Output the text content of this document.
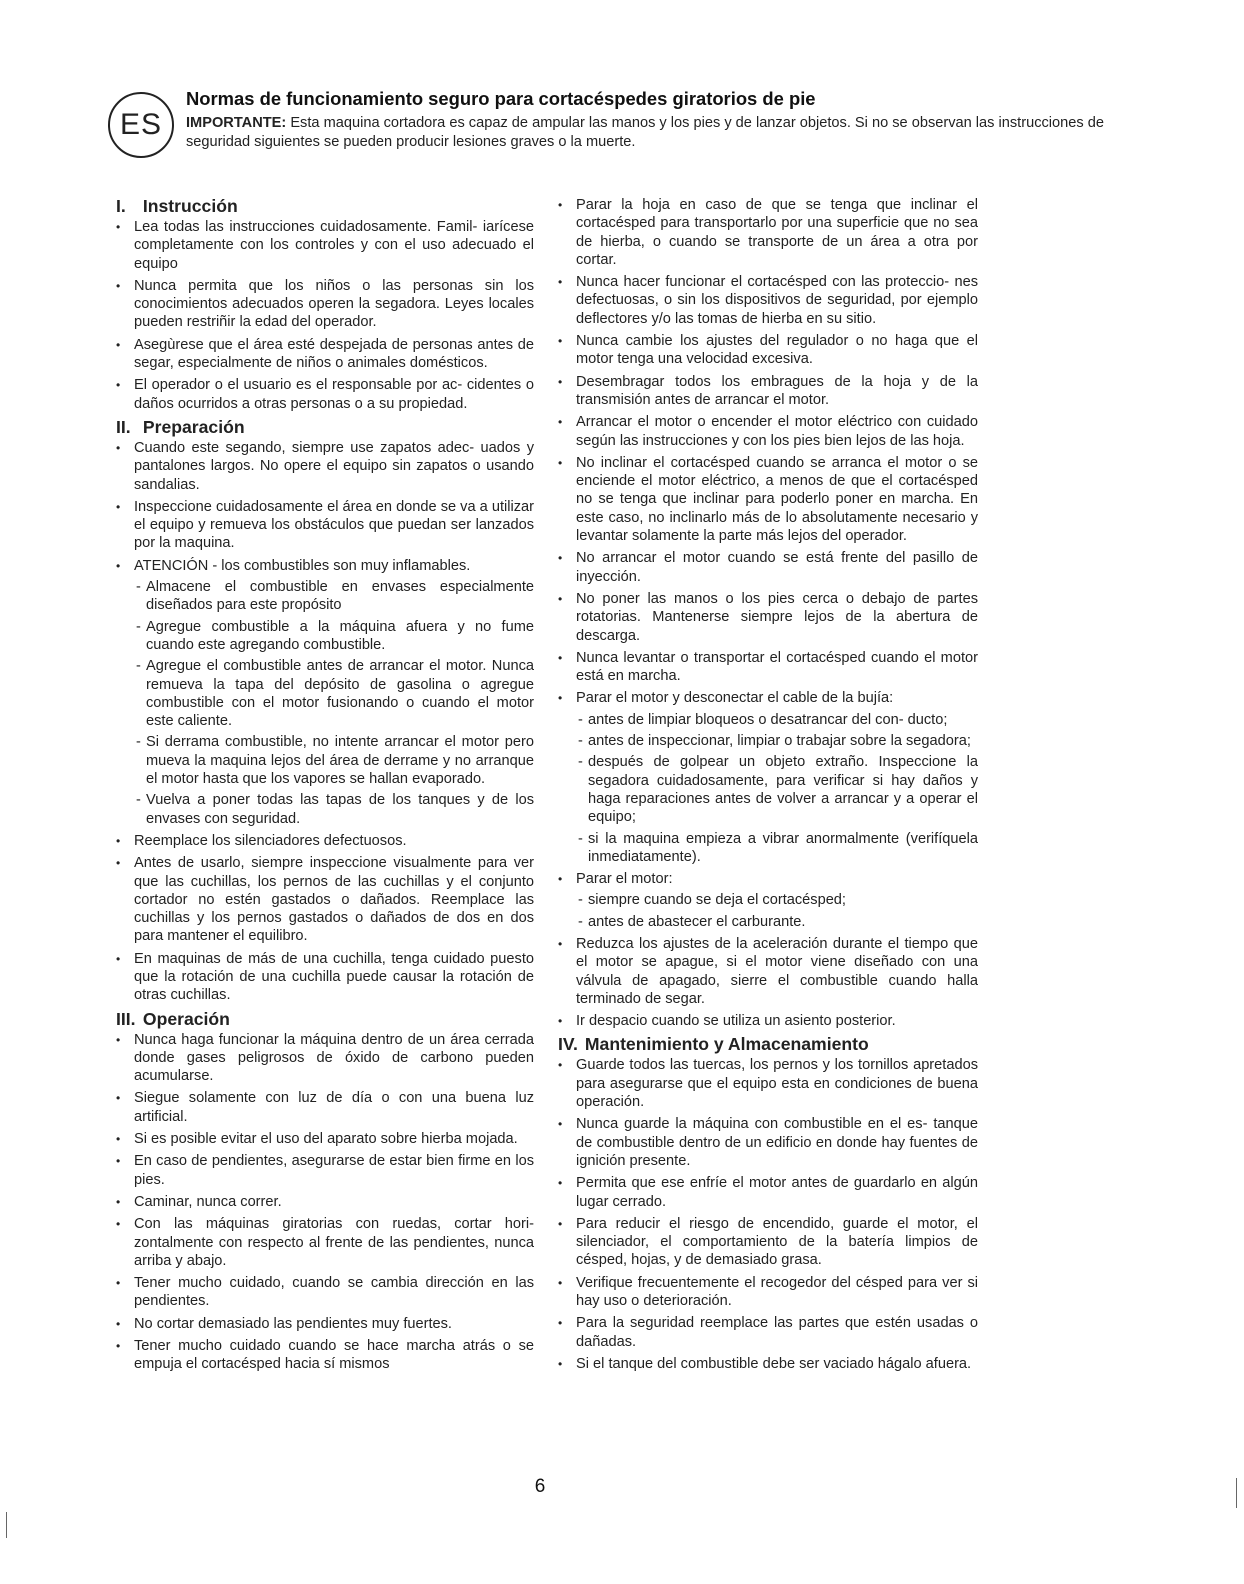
ES
Normas de funcionamiento seguro para cortacéspedes giratorios de pie
IMPORTANTE: Esta maquina cortadora es capaz de ampular las manos y los pies y de lanzar objetos. Si no se observan las instrucciones de seguridad siguientes se pueden producir lesiones graves o la muerte.
I. Instrucción
• Lea todas las instrucciones cuidadosamente. Famil- iarícese completamente con los controles y con el uso adecuado el equipo
• Nunca permita que los niños o las personas sin los conocimientos adecuados operen la segadora. Leyes locales pueden restriñir la edad del operador.
• Asegùrese que el área esté despejada de personas antes de segar, especialmente de niños o animales domésticos.
• El operador o el usuario es el responsable por ac- cidentes o daños ocurridos a otras personas o a su propiedad.
II. Preparación
• Cuando este segando, siempre use zapatos adec- uados y pantalones largos. No opere el equipo sin zapatos o usando sandalias.
• Inspeccione cuidadosamente el área en donde se va a utilizar el equipo y remueva los obstáculos que puedan ser lanzados por la maquina.
• ATENCIÓN - los combustibles son muy inflamables.
- Almacene el combustible en envases especialmente diseñados para este propósito
- Agregue combustible a la máquina afuera y no fume cuando este agregando combustible.
- Agregue el combustible antes de arrancar el motor. Nunca remueva la tapa del depósito de gasolina o agregue combustible con el motor fusionando o cuando el motor este caliente.
- Si derrama combustible, no intente arrancar el motor pero mueva la maquina lejos del área de derrame y no arranque el motor hasta que los vapores se hallan evaporado.
- Vuelva a poner todas las tapas de los tanques y de los envases con seguridad.
• Reemplace los silenciadores defectuosos.
• Antes de usarlo, siempre inspeccione visualmente para ver que las cuchillas, los pernos de las cuchillas y el conjunto cortador no estén gastados o dañados. Reemplace las cuchillas y los pernos gastados o dañados de dos en dos para mantener el equilibro.
• En maquinas de más de una cuchilla, tenga cuidado puesto que la rotación de una cuchilla puede causar la rotación de otras cuchillas.
III. Operación
• Nunca haga funcionar la máquina dentro de un área cerrada donde gases peligrosos de óxido de carbono pueden acumularse.
• Siegue solamente con luz de día o con una buena luz artificial.
• Si es posible evitar el uso del aparato sobre hierba mojada.
• En caso de pendientes, asegurarse de estar bien firme en los pies.
• Caminar, nunca correr.
• Con las máquinas giratorias con ruedas, cortar hori- zontalmente con respecto al frente de las pendientes, nunca arriba y abajo.
• Tener mucho cuidado, cuando se cambia dirección en las pendientes.
• No cortar demasiado las pendientes muy fuertes.
• Tener mucho cuidado cuando se hace marcha atrás o se empuja el cortacésped hacia sí mismos
• Parar la hoja en caso de que se tenga que inclinar el cortacésped para transportarlo por una superficie que no sea de hierba, o cuando se transporte de un área a otra por cortar.
• Nunca hacer funcionar el cortacésped con las proteccio- nes defectuosas, o sin los dispositivos de seguridad, por ejemplo deflectores y/o las tomas de hierba en su sitio.
• Nunca cambie los ajustes del regulador o no haga que el motor tenga una velocidad excesiva.
• Desembragar todos los embragues de la hoja y de la transmisión antes de arrancar el motor.
• Arrancar el motor o encender el motor eléctrico con cuidado según las instrucciones y con los pies bien lejos de las hoja.
• No inclinar el cortacésped cuando se arranca el motor o se enciende el motor eléctrico, a menos de que el cortacésped no se tenga que inclinar para poderlo poner en marcha. En este caso, no inclinarlo más de lo absolutamente necesario y levantar solamente la parte más lejos del operador.
• No arrancar el motor cuando se está frente del pasillo de inyección.
• No poner las manos o los pies cerca o debajo de partes rotatorias. Mantenerse siempre lejos de la abertura de descarga.
• Nunca levantar o transportar el cortacésped cuando el motor está en marcha.
• Parar el motor y desconectar el cable de la bujía:
- antes de limpiar bloqueos o desatrancar del con- ducto;
- antes de inspeccionar, limpiar o trabajar sobre la segadora;
- después de golpear un objeto extraño. Inspeccione la segadora cuidadosamente, para verificar si hay daños y haga reparaciones antes de volver a arrancar y a operar el equipo;
- si la maquina empieza a vibrar anormalmente (verifíquela inmediatamente).
• Parar el motor:
- siempre cuando se deja el cortacésped;
- antes de abastecer el carburante.
• Reduzca los ajustes de la aceleración durante el tiempo que el motor se apague, si el motor viene diseñado con una válvula de apagado, sierre el combustible cuando halla terminado de segar.
• Ir despacio cuando se utiliza un asiento posterior.
IV. Mantenimiento y Almacenamiento
• Guarde todos las tuercas, los pernos y los tornillos apretados para asegurarse que el equipo esta en condiciones de buena operación.
• Nunca guarde la máquina con combustible en el es- tanque de combustible dentro de un edificio en donde hay fuentes de ignición presente.
• Permita que ese enfríe el motor antes de guardarlo en algún lugar cerrado.
• Para reducir el riesgo de encendido, guarde el motor, el silenciador, el comportamiento de la batería limpios de césped, hojas, y de demasiado grasa.
• Verifique frecuentemente el recogedor del césped para ver si hay uso o deterioración.
• Para la seguridad reemplace las partes que estén usadas o dañadas.
• Si el tanque del combustible debe ser vaciado hágalo afuera.
6
